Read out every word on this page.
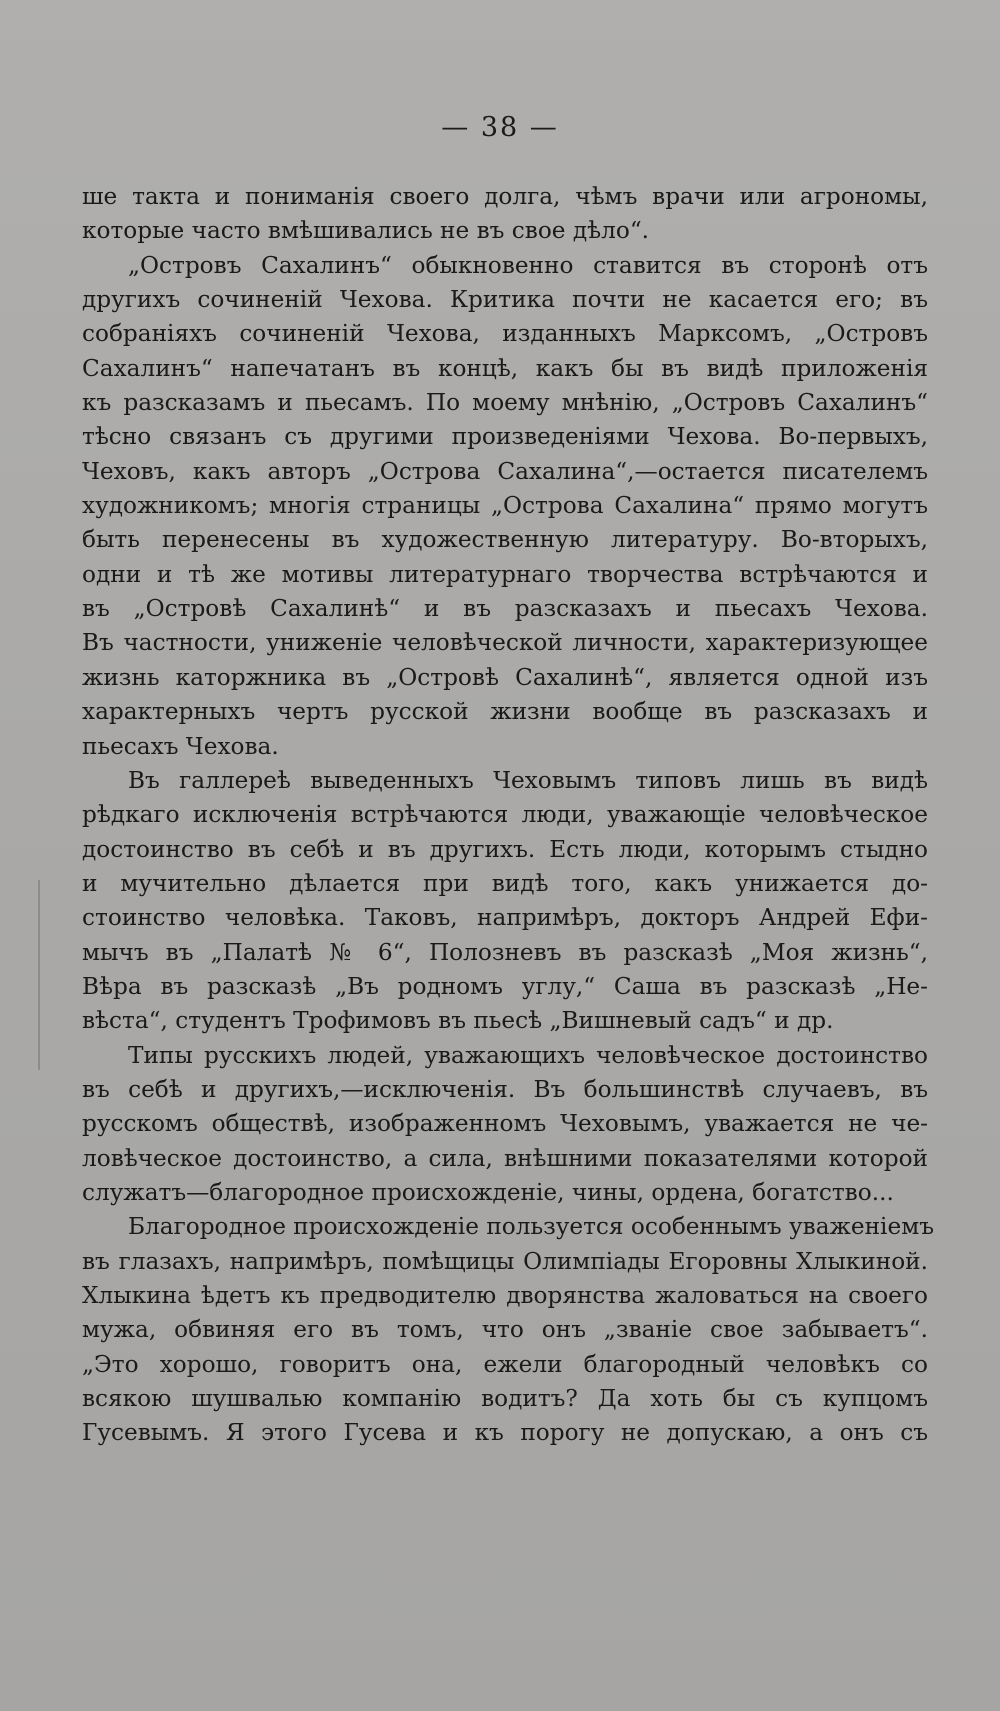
— 38 —
ше такта и пониманія своего долга, чѣмъ врачи или агрономы,
которые часто вмѣшивались не въ свое дѣло“.
„Островъ Сахалинъ“ обыкновенно ставится въ сторонѣ отъ
другихъ сочиненій Чехова. Критика почти не касается его; въ
собраніяхъ сочиненій Чехова, изданныхъ Марксомъ, „Островъ
Сахалинъ“ напечатанъ въ концѣ, какъ бы въ видѣ приложенія
къ разсказамъ и пьесамъ. По моему мнѣнію, „Островъ Сахалинъ“
тѣсно связанъ съ другими произведеніями Чехова. Во-первыхъ,
Чеховъ, какъ авторъ „Острова Сахалина“,—остается писателемъ
художникомъ; многія страницы „Острова Сахалина“ прямо могутъ
быть перенесены въ художественную литературу. Во-вторыхъ,
одни и тѣ же мотивы литературнаго творчества встрѣчаются и
въ „Островѣ Сахалинѣ“ и въ разсказахъ и пьесахъ Чехова.
Въ частности, униженіе человѣческой личности, характеризующее
жизнь каторжника въ „Островѣ Сахалинѣ“, является одной изъ
характерныхъ чертъ русской жизни вообще въ разсказахъ и
пьесахъ Чехова.
Въ галлереѣ выведенныхъ Чеховымъ типовъ лишь въ видѣ
рѣдкаго исключенія встрѣчаются люди, уважающіе человѣческое
достоинство въ себѣ и въ другихъ. Есть люди, которымъ стыдно
и мучительно дѣлается при видѣ того, какъ унижается до-
стоинство человѣка. Таковъ, напримѣръ, докторъ Андрей Ефи-
мычъ въ „Палатѣ № 6“, Полозневъ въ разсказѣ „Моя жизнь“,
Вѣра въ разсказѣ „Въ родномъ углу,“ Саша въ разсказѣ „Не-
вѣста“, студентъ Трофимовъ въ пьесѣ „Вишневый садъ“ и др.
Типы русскихъ людей, уважающихъ человѣческое достоинство
въ себѣ и другихъ,—исключенія. Въ большинствѣ случаевъ, въ
русскомъ обществѣ, изображенномъ Чеховымъ, уважается не че-
ловѣческое достоинство, а сила, внѣшними показателями которой
служатъ—благородное происхожденіе, чины, ордена, богатство...
Благородное происхожденіе пользуется особеннымъ уваженіемъ
въ глазахъ, напримѣръ, помѣщицы Олимпіады Егоровны Хлыкиной.
Хлыкина ѣдетъ къ предводителю дворянства жаловаться на своего
мужа, обвиняя его въ томъ, что онъ „званіе свое забываетъ“.
„Это хорошо, говоритъ она, ежели благородный человѣкъ со
всякою шушвалью компанію водитъ? Да хоть бы съ купцомъ
Гусевымъ. Я этого Гусева и къ порогу не допускаю, а онъ съ
